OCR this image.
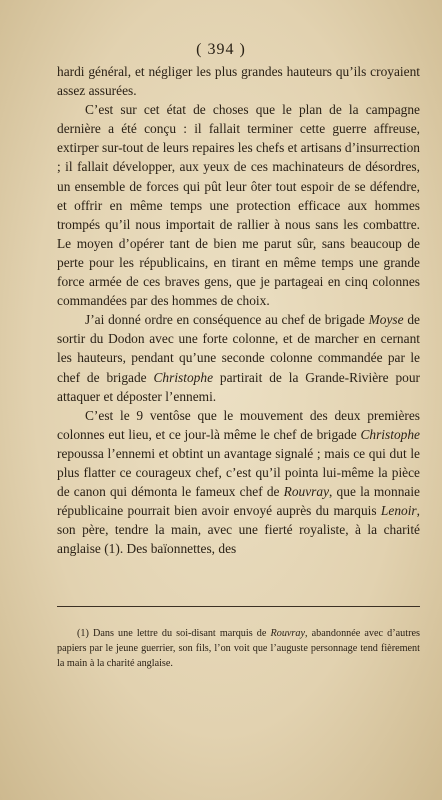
( 394 )

hardi général, et négliger les plus grandes hauteurs qu’ils croyaient assez assurées.

C’est sur cet état de choses que le plan de la campagne dernière a été conçu : il fallait terminer cette guerre affreuse, extirper sur-tout de leurs repaires les chefs et artisans d’insurrection ; il fallait développer, aux yeux de ces machinateurs de désordres, un ensemble de forces qui pût leur ôter tout espoir de se défendre, et offrir en même temps une protection efficace aux hommes trompés qu’il nous importait de rallier à nous sans les combattre. Le moyen d’opérer tant de bien me parut sûr, sans beaucoup de perte pour les républicains, en tirant en même temps une grande force armée de ces braves gens, que je partageai en cinq colonnes commandées par des hommes de choix.

J’ai donné ordre en conséquence au chef de brigade Moyse de sortir du Dodon avec une forte colonne, et de marcher en cernant les hauteurs, pendant qu’une seconde colonne commandée par le chef de brigade Christophe partirait de la Grande-Rivière pour attaquer et déposter l’ennemi.

C’est le 9 ventôse que le mouvement des deux premières colonnes eut lieu, et ce jour-là même le chef de brigade Christophe repoussa l’ennemi et obtint un avantage signalé ; mais ce qui dut le plus flatter ce courageux chef, c’est qu’il pointa lui-même la pièce de canon qui démonta le fameux chef de Rouvray, que la monnaie républicaine pourrait bien avoir envoyé auprès du marquis Lenoir, son père, tendre la main, avec une fierté royaliste, à la charité anglaise (1). Des baïonnettes, des

(1) Dans une lettre du soi-disant marquis de Rouvray, abandonnée avec d’autres papiers par le jeune guerrier, son fils, l’on voit que l’auguste personnage tend fièrement la main à la charité anglaise.
